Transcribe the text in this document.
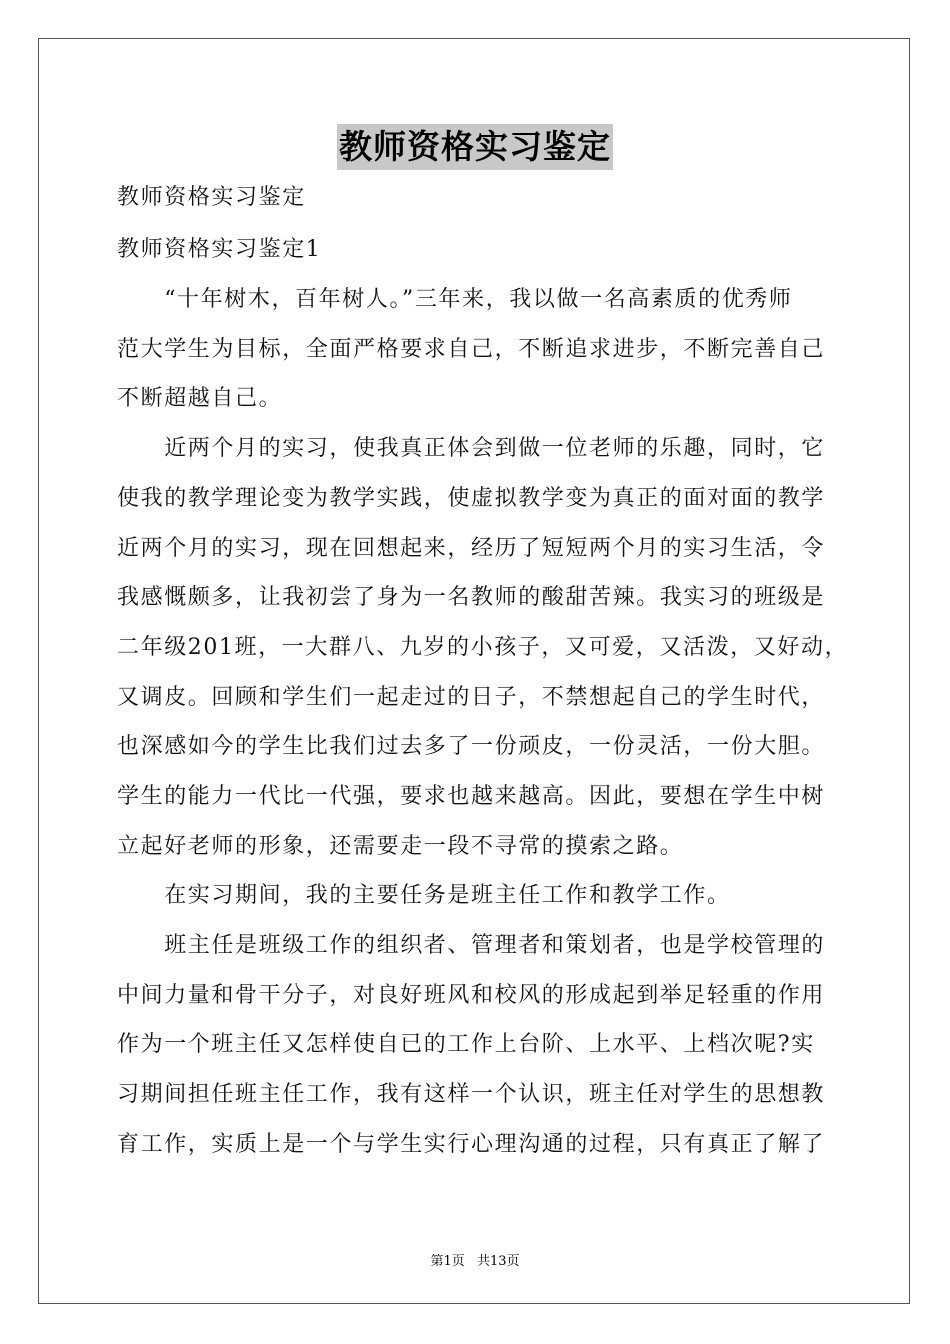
教师资格实习鉴定
教师资格实习鉴定
教师资格实习鉴定1
　　“十年树木，百年树人。”三年来，我以做一名高素质的优秀师
范大学生为目标，全面严格要求自己，不断追求进步，不断完善自己
不断超越自己。
　　近两个月的实习，使我真正体会到做一位老师的乐趣，同时，它
使我的教学理论变为教学实践，使虚拟教学变为真正的面对面的教学
近两个月的实习，现在回想起来，经历了短短两个月的实习生活，令
我感慨颇多，让我初尝了身为一名教师的酸甜苦辣。我实习的班级是
二年级201班，一大群八、九岁的小孩子，又可爱，又活泼，又好动，
又调皮。回顾和学生们一起走过的日子，不禁想起自己的学生时代，
也深感如今的学生比我们过去多了一份顽皮，一份灵活，一份大胆。
学生的能力一代比一代强，要求也越来越高。因此，要想在学生中树
立起好老师的形象，还需要走一段不寻常的摸索之路。
　　在实习期间，我的主要任务是班主任工作和教学工作。
　　班主任是班级工作的组织者、管理者和策划者，也是学校管理的
中间力量和骨干分子，对良好班风和校风的形成起到举足轻重的作用
作为一个班主任又怎样使自已的工作上台阶、上水平、上档次呢?实
习期间担任班主任工作，我有这样一个认识，班主任对学生的思想教
育工作，实质上是一个与学生实行心理沟通的过程，只有真正了解了
第1页 共13页
